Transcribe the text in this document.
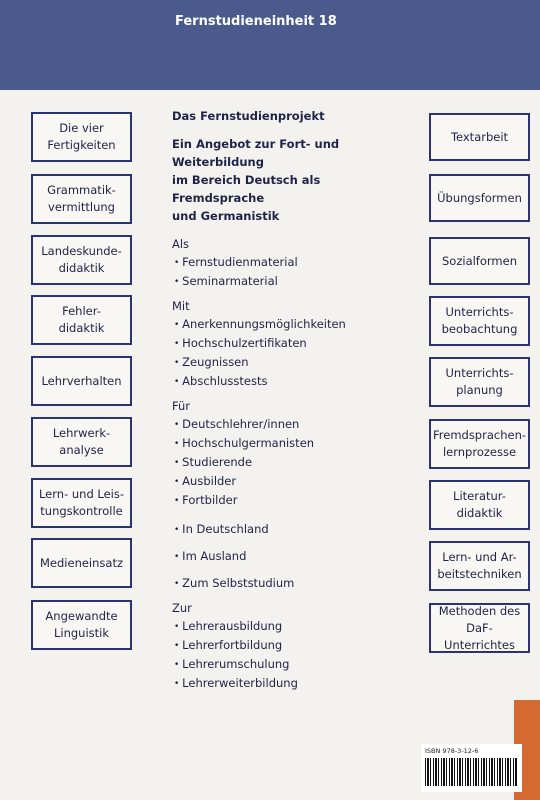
Fernstudieneinheit 18
Die vier
Fertigkeiten
Grammatik-
vermittlung
Landeskunde-
didaktik
Fehler-
didaktik
Lehrverhalten
Lehrwerk-
analyse
Lern- und Leis-
tungskontrolle
Medieneinsatz
Angewandte
Linguistik
Textarbeit
Übungsformen
Sozialformen
Unterrichts-
beobachtung
Unterrichts-
planung
Fremdsprachen-
lernprozesse
Literatur-
didaktik
Lern- und Ar-
beitstechniken
Methoden des
DaF-Unterrichtes
Das Fernstudienprojekt
Ein Angebot zur Fort- und Weiterbildung
im Bereich Deutsch als Fremdsprache
und Germanistik
Als
• Fernstudienmaterial
• Seminarmaterial
Mit
• Anerkennungsmöglichkeiten
• Hochschulzertifikaten
• Zeugnissen
• Abschlusstests
Für
• Deutschlehrer/innen
• Hochschulgermanisten
• Studierende
• Ausbilder
• Fortbilder
• In Deutschland
• Im Ausland
• Zum Selbststudium
Zur
• Lehrerausbildung
• Lehrerfortbildung
• Lehrerumschulung
• Lehrerweiterbildung
ISBN 978-3-12-6
